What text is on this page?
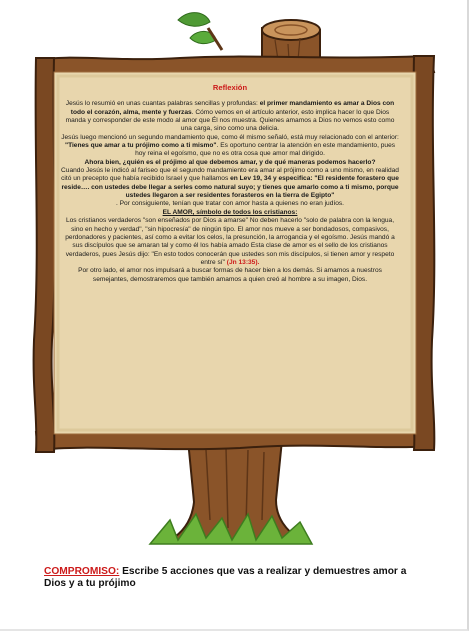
Reflexión

Jesús lo resumió en unas cuantas palabras sencillas y profundas: el primer mandamiento es amar a Dios con todo el corazón, alma, mente y fuerzas. Cómo vemos en el artículo anterior, esto implica hacer lo que Dios manda y corresponder de este modo al amor que Él nos muestra. Quienes amamos a Dios no vemos esto como una carga, sino como una delicia.

Jesús luego mencionó un segundo mandamiento que, como él mismo señaló, está muy relacionado con el anterior: "Tienes que amar a tu prójimo como a ti mismo". Es oportuno centrar la atención en este mandamiento, pues hoy reina el egoísmo, que no es otra cosa que amor mal dirigido.

Ahora bien, ¿quién es el prójimo al que debemos amar, y de qué maneras podemos hacerlo?

Cuando Jesús le indicó al fariseo que el segundo mandamiento era amar al prójimo como a uno mismo, en realidad citó un precepto que había recibido Israel y que hallamos en Lev 19, 34 y especifica: "El residente forastero que reside…. con ustedes debe llegar a serles como natural suyo; y tienes que amarlo como a ti mismo, porque ustedes llegaron a ser residentes forasteros en la tierra de Egipto"

. Por consiguiente, tenían que tratar con amor hasta a quienes no eran judíos.

EL AMOR, símbolo de todos los cristianos:

Los cristianos verdaderos "son enseñados por Dios a amarse" No deben hacerlo "solo de palabra con la lengua, sino en hecho y verdad", "sin hipocresía" de ningún tipo. El amor nos mueve a ser bondadosos, compasivos, perdonadores y pacientes, así como a evitar los celos, la presunción, la arrogancia y el egoísmo. Jesús mandó a sus discípulos que se amaran tal y como él los había amado Esta clase de amor es el sello de los cristianos verdaderos, pues Jesús dijo: "En esto todos conocerán que ustedes son mis discípulos, si tienen amor y respeto entre sí" (Jn 13:35).

Por otro lado, el amor nos impulsará a buscar formas de hacer bien a los demás. Si amamos a nuestros semejantes, demostraremos que también amamos a quien creó al hombre a su imagen, Dios.

COMPROMISO: Escribe 5 acciones que vas a realizar y demuestres amor a Dios y a tu prójimo
